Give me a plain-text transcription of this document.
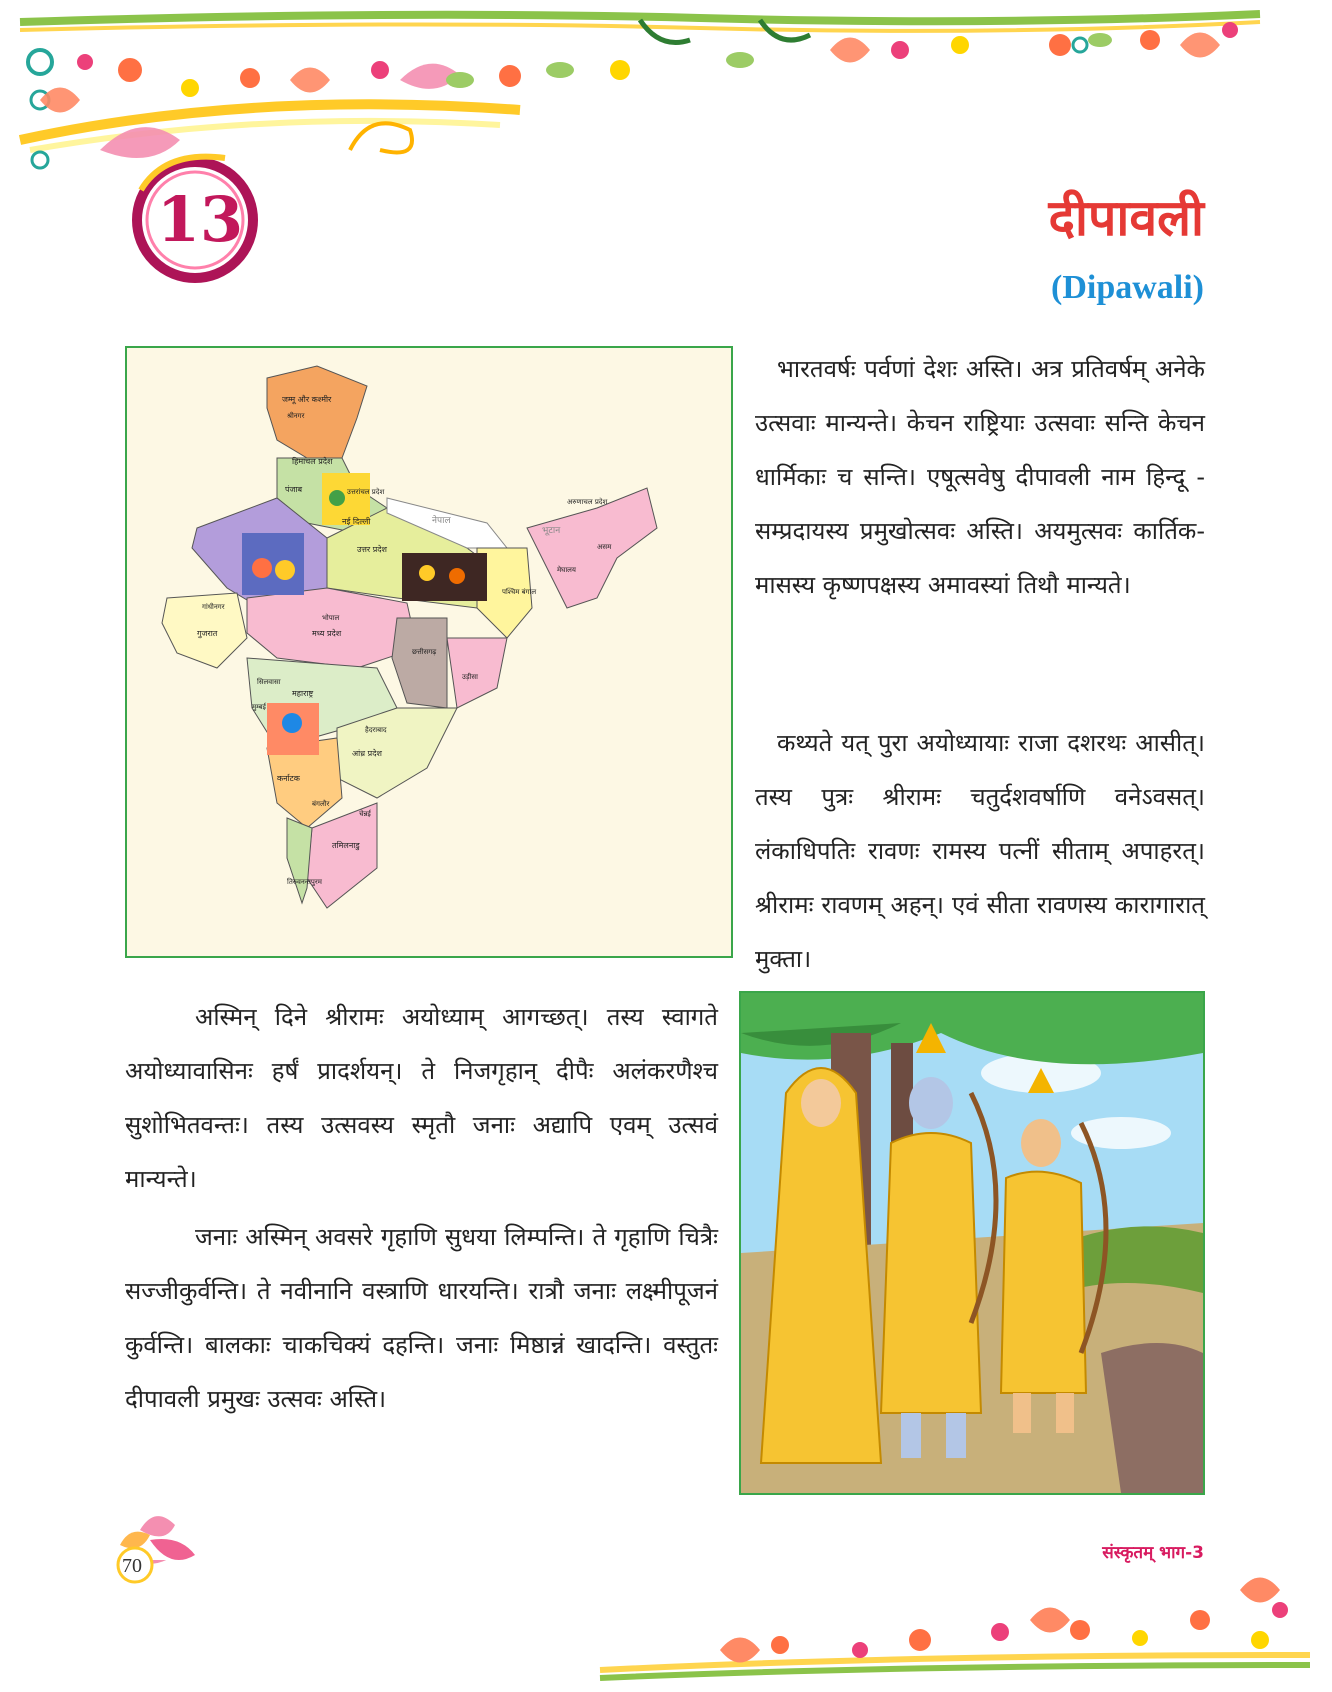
13	दीपावली
(Dipawali)
जम्मू और कश्मीर
श्रीनगर
हिमाचल प्रदेश
पंजाब	उत्तरांचल प्रदेश
नई दिल्ली	नेपाल
भूटान
अरुणाचल प्रदेश
असम
मेघालय
उत्तर प्रदेश
पश्चिम बंगाल
गांधीनगर
गुजरात
भोपाल
मध्य प्रदेश
छत्तीसगढ़
उड़ीसा
महाराष्ट्र
सिलवासा
मुम्बई
हैदराबाद
आंध्र प्रदेश
कर्नाटक
बंगलौर
चेन्नई
तमिलनाडु
तिरुवनन्तपुरम

भारतवर्षः पर्वणां देशः अस्ति। अत्र प्रतिवर्षम् अनेके उत्सवाः मान्यन्ते। केचन राष्ट्रियाः उत्सवाः सन्ति केचन धार्मिकाः च सन्ति। एषूत्सवेषु दीपावली नाम हिन्दू - सम्प्रदायस्य प्रमुखोत्सवः अस्ति। अयमुत्सवः कार्तिक-मासस्य कृष्णपक्षस्य अमावस्यां तिथौ मान्यते।

कथ्यते यत् पुरा अयोध्यायाः राजा दशरथः आसीत्। तस्य पुत्रः श्रीरामः चतुर्दशवर्षाणि वनेऽवसत्। लंकाधिपतिः रावणः रामस्य पत्नीं सीताम् अपाहरत्। श्रीरामः रावणम् अहन्। एवं सीता रावणस्य कारागारात् मुक्ता।

अस्मिन् दिने श्रीरामः अयोध्याम् आगच्छत्। तस्य स्वागते अयोध्यावासिनः हर्षं प्रादर्शयन्। ते निजगृहान् दीपैः अलंकरणैश्च सुशोभितवन्तः। तस्य उत्सवस्य स्मृतौ जनाः अद्यापि एवम् उत्सवं मान्यन्ते।

जनाः अस्मिन् अवसरे गृहाणि सुधया लिम्पन्ति। ते गृहाणि चित्रैः सज्जीकुर्वन्ति। ते नवीनानि वस्त्राणि धारयन्ति। रात्रौ जनाः लक्ष्मीपूजनं कुर्वन्ति। बालकाः चाकचिक्यं दहन्ति। जनाः मिष्ठान्नं खादन्ति। वस्तुतः दीपावली प्रमुखः उत्सवः अस्ति।

70
संस्कृतम् भाग-3
